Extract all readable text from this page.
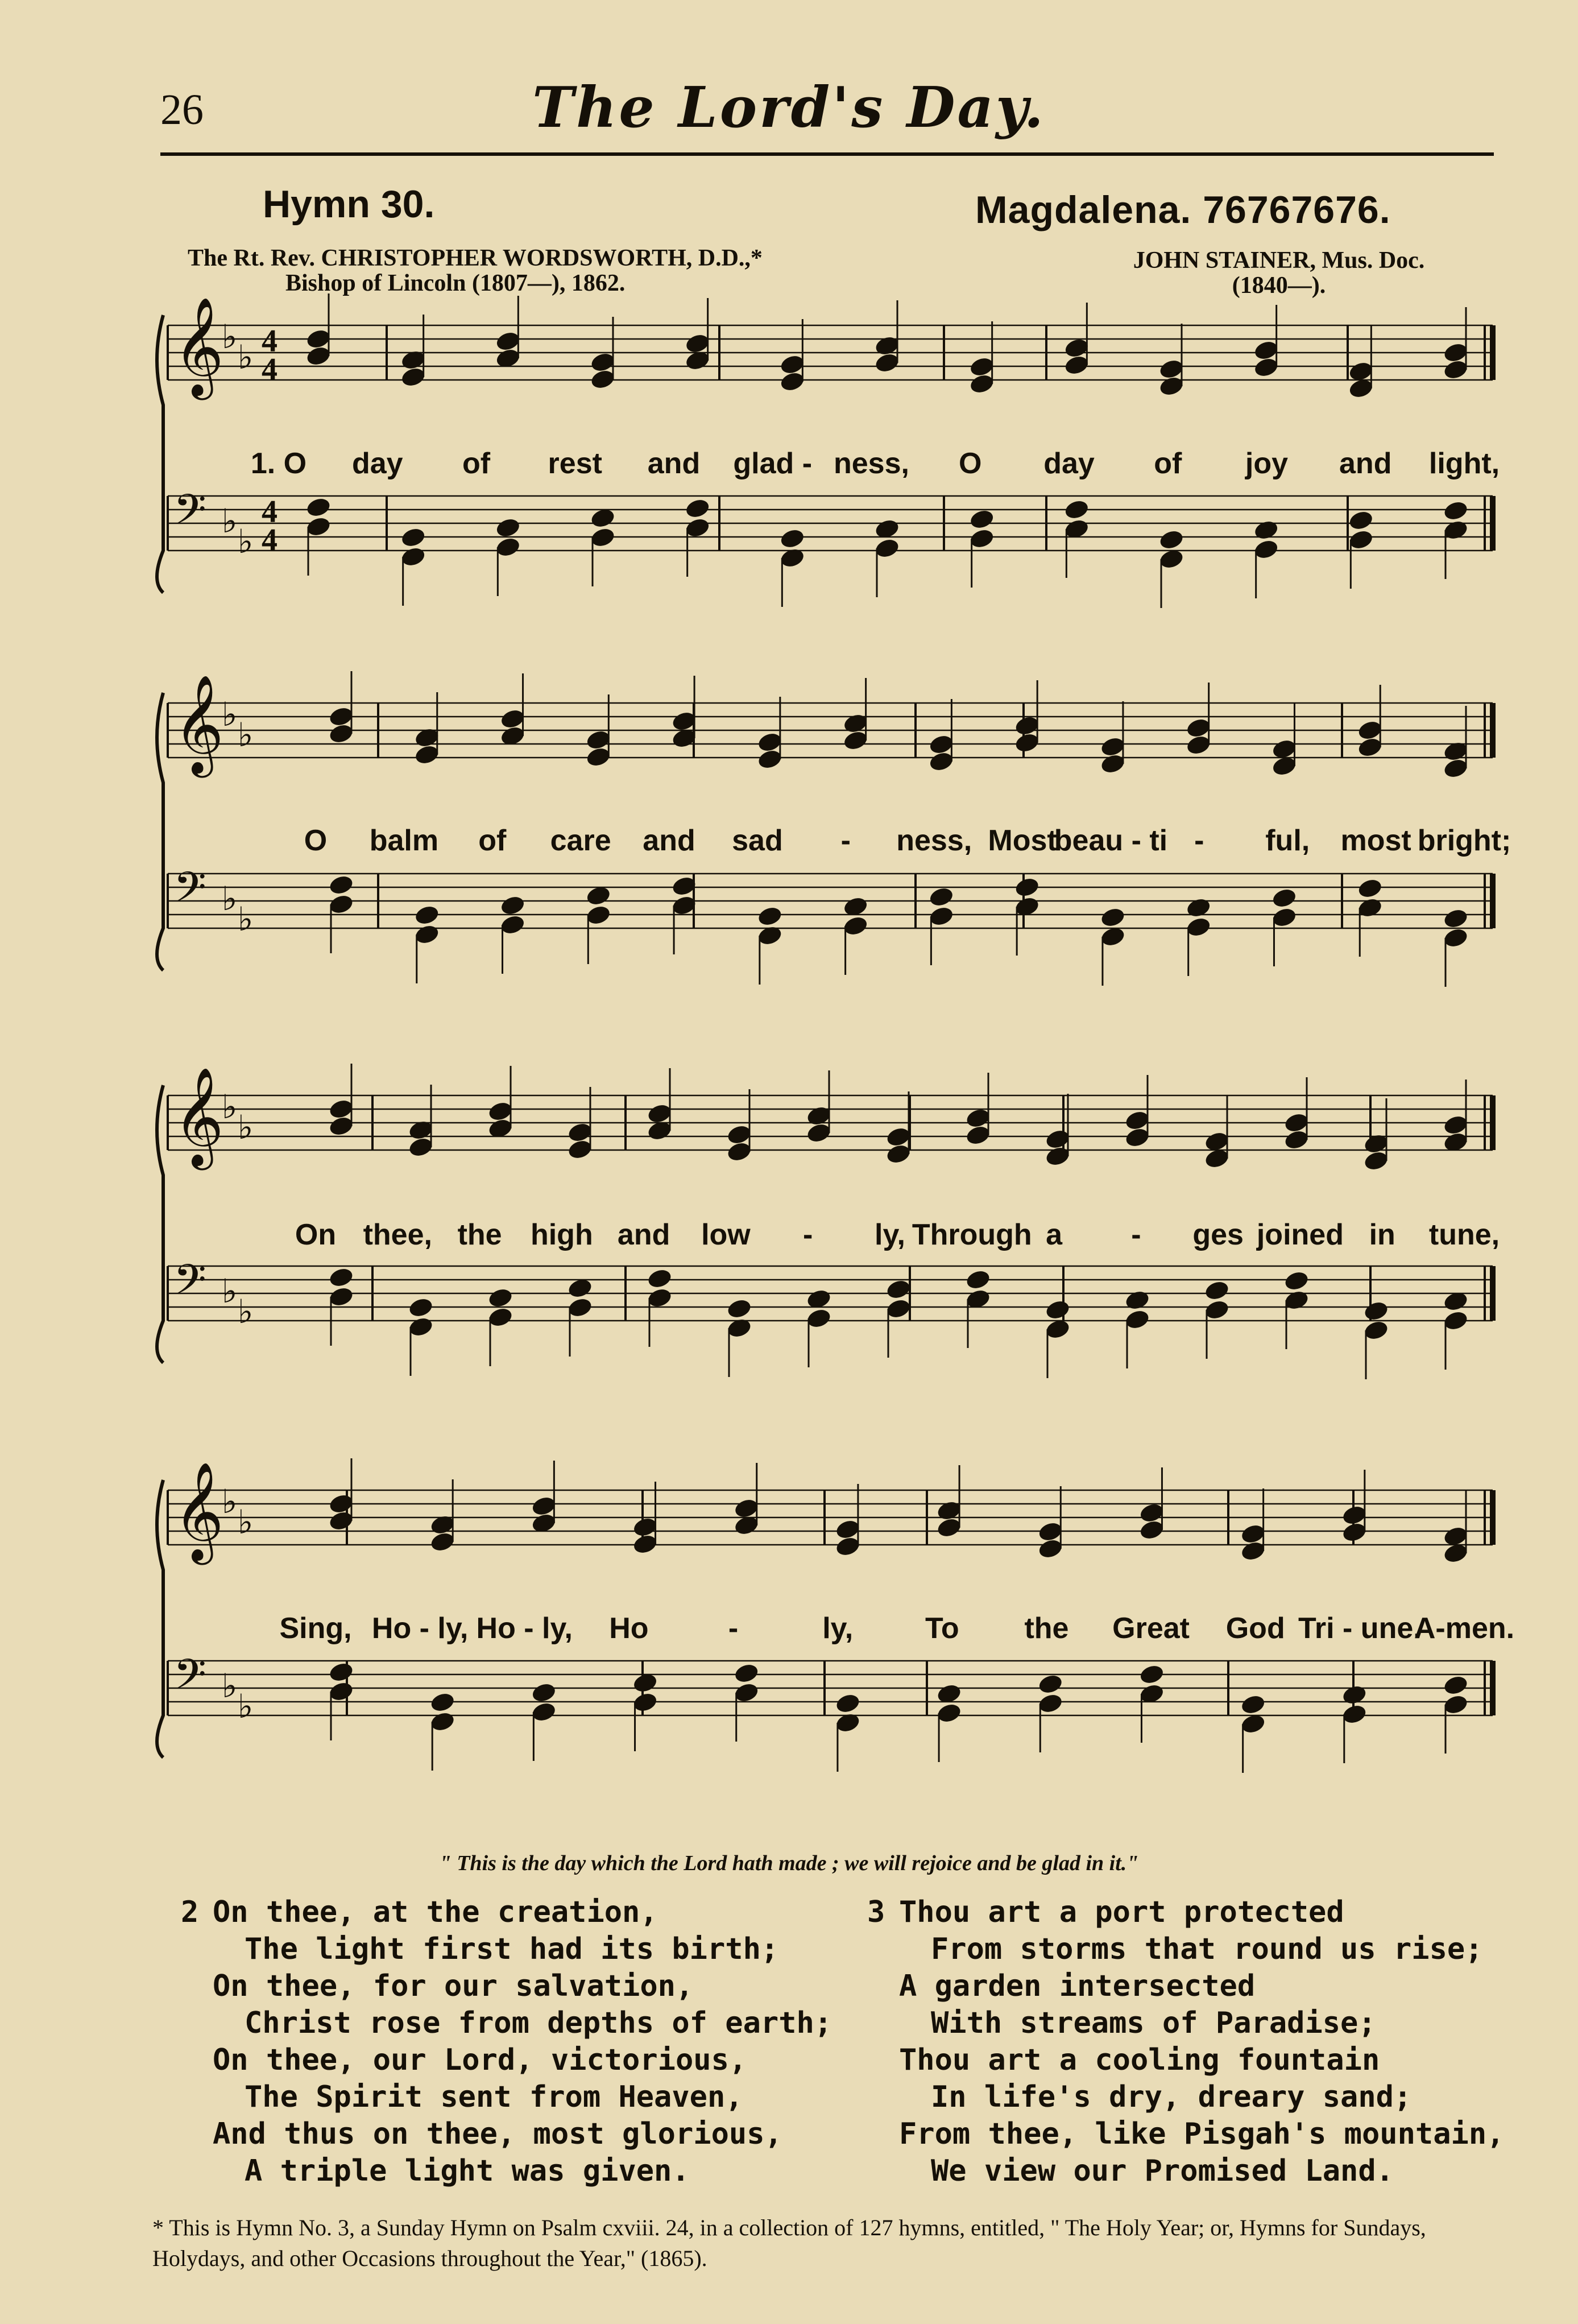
26	The Lord's Day.
Hymn 30.	Magdalena. 76767676.
The Rt. Rev. CHRISTOPHER WORDSWORTH, D.D.,*
Bishop of Lincoln (1807—), 1862.
JOHN STAINER, Mus. Doc.
(1840—).
𝄞
♭
♭ 4
4
𝄢 ♭
♭
4
4
1. O day of rest and glad - ness, O day of joy and light,
𝄞
♭
♭
𝄢 ♭
♭
O balm of care and sad - ness, Most
beau - ti - ful, most bright;
𝄞
♭
♭
𝄢 ♭
♭
On thee, the high and low - ly, Through a - ges joined in tune,
𝄞
♭
♭
𝄢 ♭
♭
Sing, Ho - ly, Ho - ly, Ho	-	ly, To the Great God Tri - une.
A-men.
" This is the day which the Lord hath made ; we will rejoice and be glad in it."
2 On thee, at the creation,
The light first had its birth;
On thee, for our salvation,
Christ rose from depths of earth;
On thee, our Lord, victorious,
The Spirit sent from Heaven,
And thus on thee, most glorious,
A triple light was given.
3 Thou art a port protected
From storms that round us rise;
A garden intersected
With streams of Paradise;
Thou art a cooling fountain
In life's dry, dreary sand;
From thee, like Pisgah's mountain,
We view our Promised Land.
* This is Hymn No. 3, a Sunday Hymn on Psalm cxviii. 24, in a collection of 127 hymns, entitled, " The Holy Year; or, Hymns for Sundays, Holydays, and other Occasions throughout the Year," (1865).
